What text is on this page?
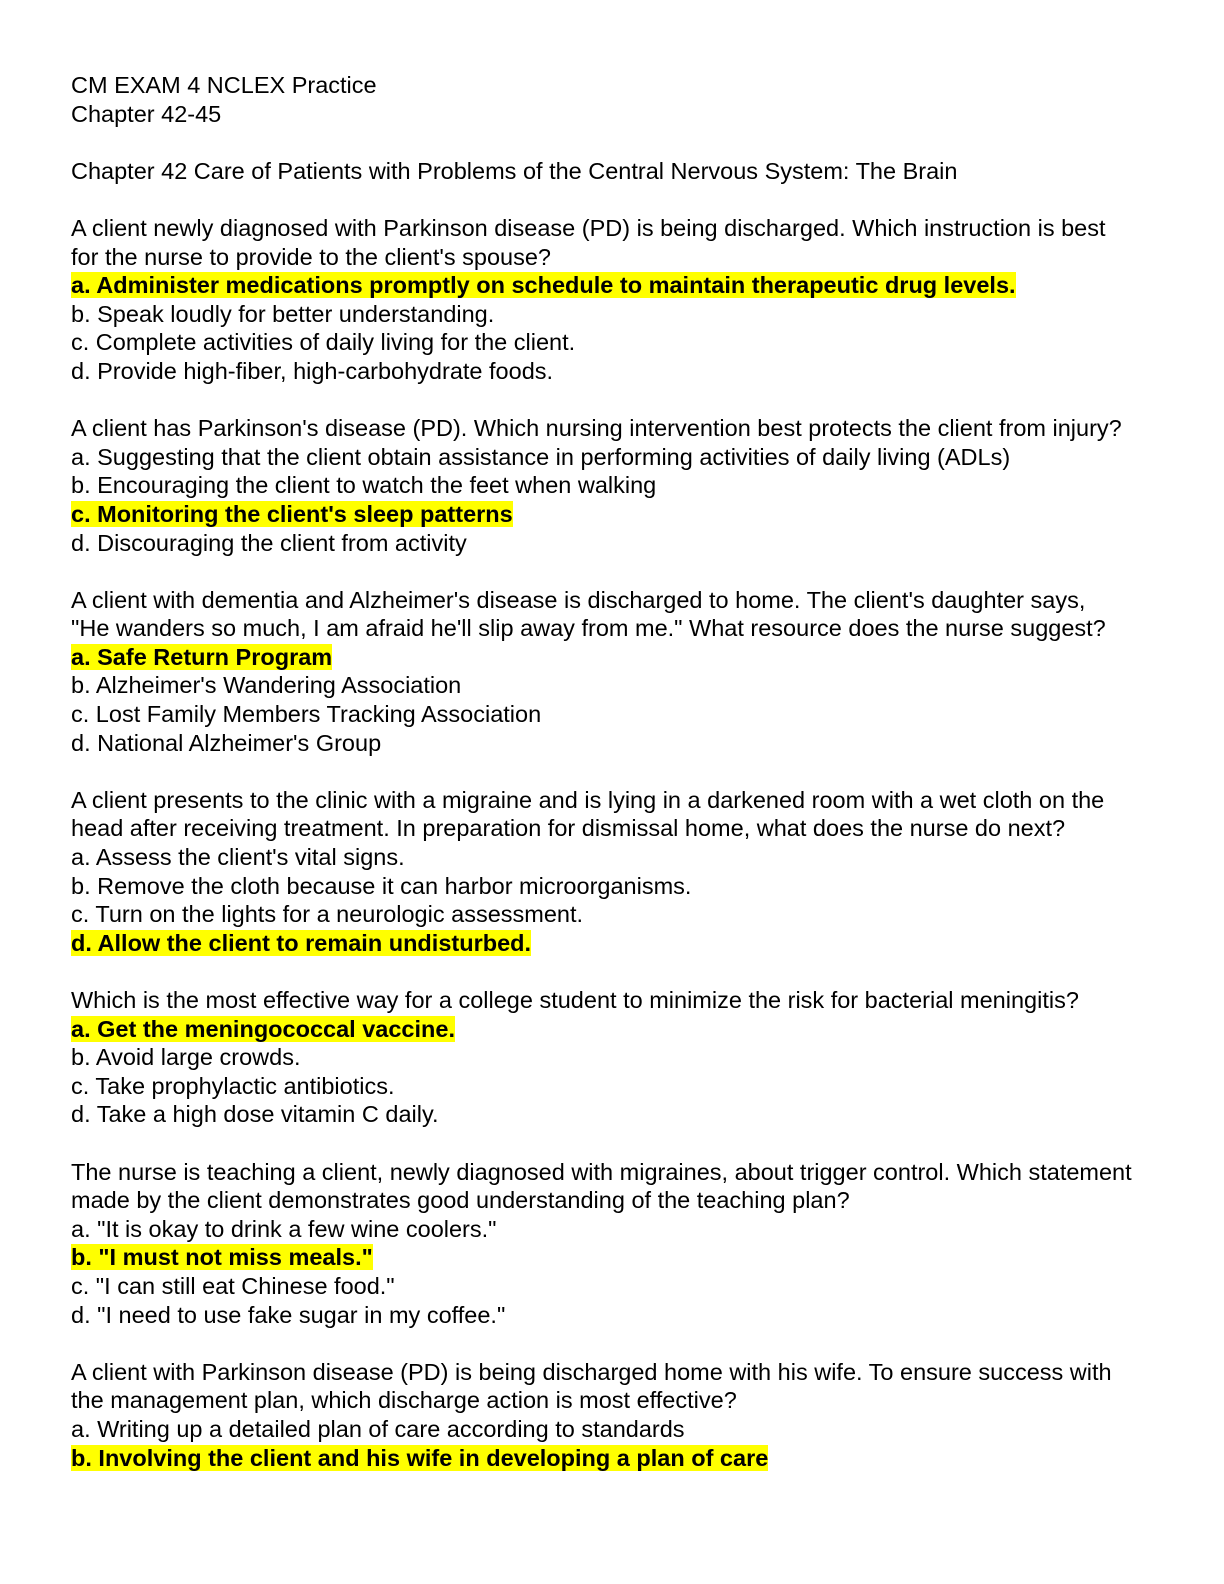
CM EXAM 4 NCLEX Practice
Chapter 42-45
Chapter 42 Care of Patients with Problems of the Central Nervous System: The Brain
A client newly diagnosed with Parkinson disease (PD) is being discharged. Which instruction is best
for the nurse to provide to the client's spouse?
a. Administer medications promptly on schedule to maintain therapeutic drug levels.
b. Speak loudly for better understanding.
c. Complete activities of daily living for the client.
d. Provide high-fiber, high-carbohydrate foods.
A client has Parkinson's disease (PD). Which nursing intervention best protects the client from injury?
a. Suggesting that the client obtain assistance in performing activities of daily living (ADLs)
b. Encouraging the client to watch the feet when walking
c. Monitoring the client's sleep patterns
d. Discouraging the client from activity
A client with dementia and Alzheimer's disease is discharged to home. The client's daughter says,
"He wanders so much, I am afraid he'll slip away from me." What resource does the nurse suggest?
a. Safe Return Program
b. Alzheimer's Wandering Association
c. Lost Family Members Tracking Association
d. National Alzheimer's Group
A client presents to the clinic with a migraine and is lying in a darkened room with a wet cloth on the
head after receiving treatment. In preparation for dismissal home, what does the nurse do next?
a. Assess the client's vital signs.
b. Remove the cloth because it can harbor microorganisms.
c. Turn on the lights for a neurologic assessment.
d. Allow the client to remain undisturbed.
Which is the most effective way for a college student to minimize the risk for bacterial meningitis?
a. Get the meningococcal vaccine.
b. Avoid large crowds.
c. Take prophylactic antibiotics.
d. Take a high dose vitamin C daily.
The nurse is teaching a client, newly diagnosed with migraines, about trigger control. Which statement
made by the client demonstrates good understanding of the teaching plan?
a. "It is okay to drink a few wine coolers."
b. "I must not miss meals."
c. "I can still eat Chinese food."
d. "I need to use fake sugar in my coffee."
A client with Parkinson disease (PD) is being discharged home with his wife. To ensure success with
the management plan, which discharge action is most effective?
a. Writing up a detailed plan of care according to standards
b. Involving the client and his wife in developing a plan of care
